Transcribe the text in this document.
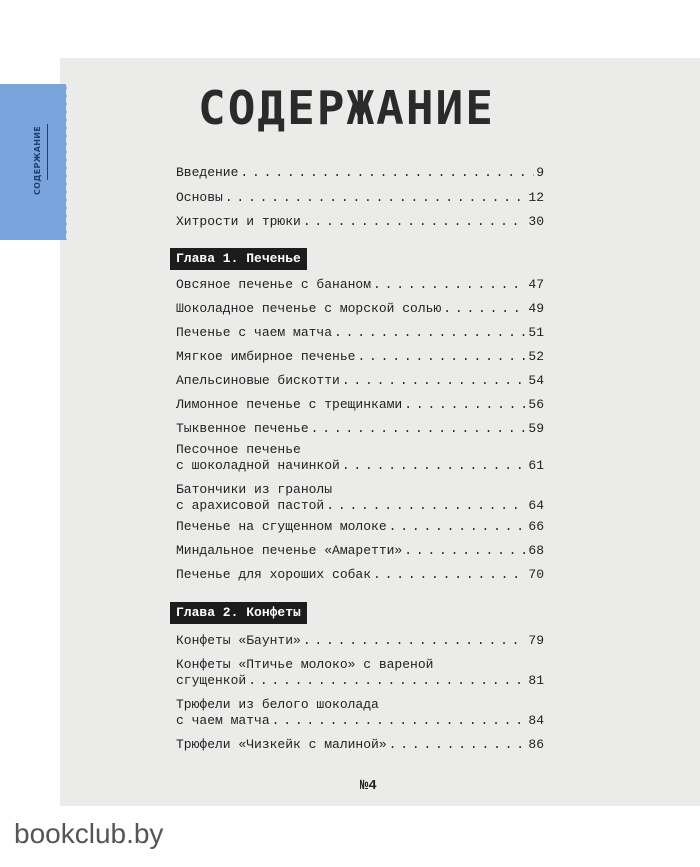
СОДЕРЖАНИЕ
СОДЕРЖАНИЕ
Введение . . .	9
Основы . . .	12
Хитрости и трюки . . .	30
Глава 1. Печенье
Овсяное печенье с бананом . . .	47
Шоколадное печенье с морской солью . . .	49
Печенье с чаем матча . . .	51
Мягкое имбирное печенье . . .	52
Апельсиновые бискотти . . .	54
Лимонное печенье с трещинками . . .	56
Тыквенное печенье . . .	59
Песочное печенье
с шоколадной начинкой . . .	61
Батончики из гранолы
с арахисовой пастой . . .	64
Печенье на сгущенном молоке . . .	66
Миндальное печенье «Амаретти» . . .	68
Печенье для хороших собак . . .	70
Глава 2. Конфеты
Конфеты «Баунти» . . .	79
Конфеты «Птичье молоко» с вареной
сгущенкой . . .	81
Трюфели из белого шоколада
с чаем матча . . .	84
Трюфели «Чизкейк с малиной» . . .	86
№4
bookclub.by
